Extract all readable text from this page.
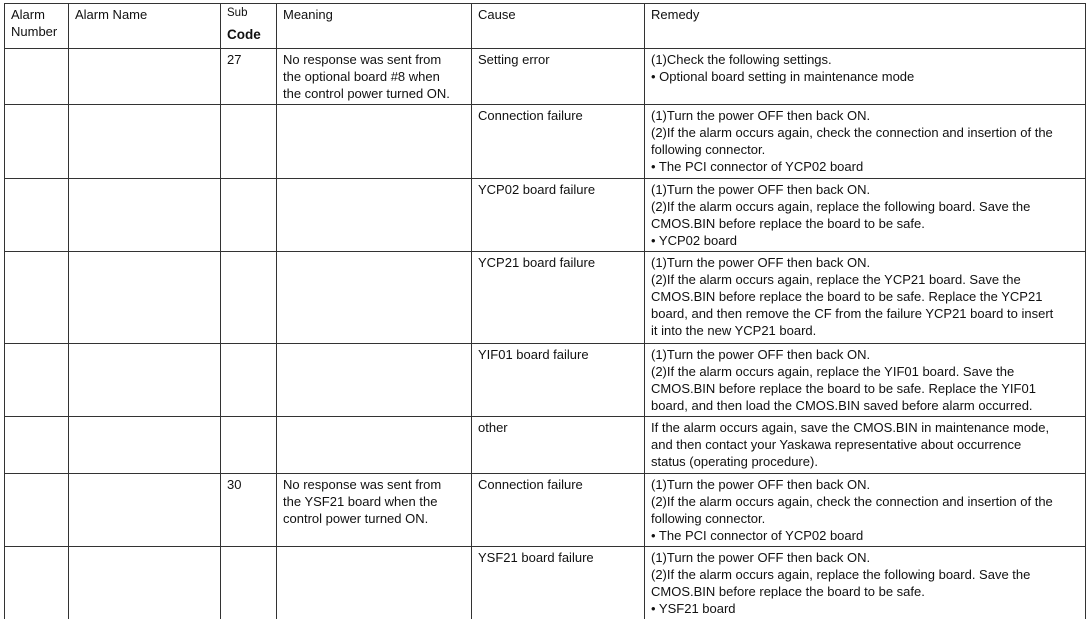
Alarm Number	Alarm Name	Sub
Code	Meaning	Cause	Remedy
		27	No response was sent from
the optional board #8 when
the control power turned ON.	Setting error	(1)Check the following settings.
• Optional board setting in maintenance mode

				Connection failure	(1)Turn the power OFF then back ON.
(2)If the alarm occurs again, check the connection and insertion of the
following connector.
• The PCI connector of YCP02 board

				YCP02 board failure	(1)Turn the power OFF then back ON.
(2)If the alarm occurs again, replace the following board. Save the
CMOS.BIN before replace the board to be safe.
• YCP02 board

				YCP21 board failure	(1)Turn the power OFF then back ON.
(2)If the alarm occurs again, replace the YCP21 board. Save the
CMOS.BIN before replace the board to be safe. Replace the YCP21
board, and then remove the CF from the failure YCP21 board to insert
it into the new YCP21 board.

				YIF01 board failure	(1)Turn the power OFF then back ON.
(2)If the alarm occurs again, replace the YIF01 board. Save the
CMOS.BIN before replace the board to be safe. Replace the YIF01
board, and then load the CMOS.BIN saved before alarm occurred.

				other	If the alarm occurs again, save the CMOS.BIN in maintenance mode,
and then contact your Yaskawa representative about occurrence
status (operating procedure).

		30	No response was sent from
the YSF21 board when the
control power turned ON.	Connection failure	(1)Turn the power OFF then back ON.
(2)If the alarm occurs again, check the connection and insertion of the
following connector.
• The PCI connector of YCP02 board

				YSF21 board failure	(1)Turn the power OFF then back ON.
(2)If the alarm occurs again, replace the following board. Save the
CMOS.BIN before replace the board to be safe.
• YSF21 board
